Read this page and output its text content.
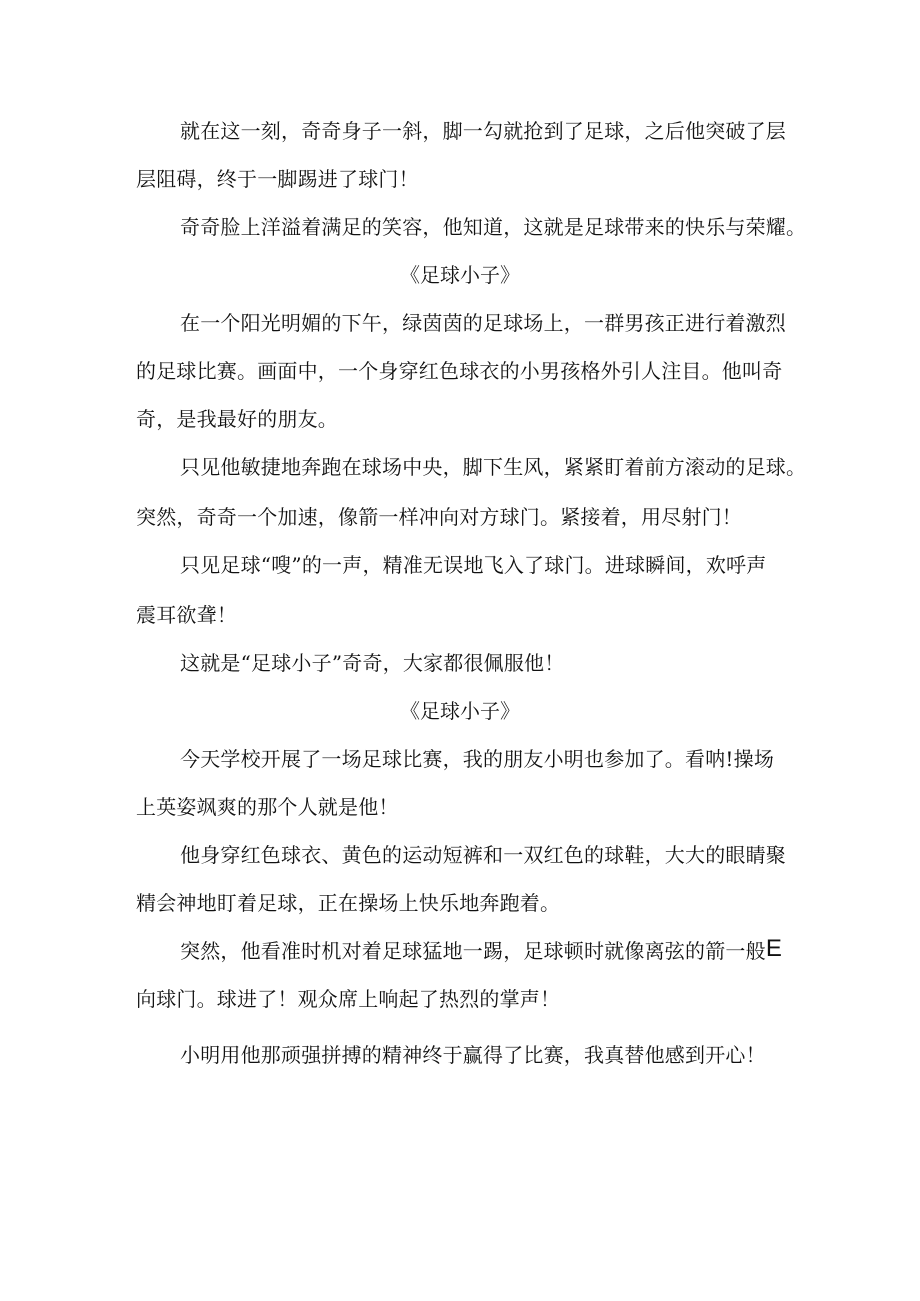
就在这一刻，奇奇身子一斜，脚一勾就抢到了足球，之后他突破了层
层阻碍，终于一脚踢进了球门！
奇奇脸上洋溢着满足的笑容，他知道，这就是足球带来的快乐与荣耀。
《足球小子》
在一个阳光明媚的下午，绿茵茵的足球场上，一群男孩正进行着激烈
的足球比赛。画面中，一个身穿红色球衣的小男孩格外引人注目。他叫奇
奇，是我最好的朋友。
只见他敏捷地奔跑在球场中央，脚下生风，紧紧盯着前方滚动的足球。
突然，奇奇一个加速，像箭一样冲向对方球门。紧接着，用尽射门！
只见足球“嗖”的一声，精准无误地飞入了球门。进球瞬间，欢呼声
震耳欲聋！
这就是“足球小子”奇奇，大家都很佩服他！
《足球小子》
今天学校开展了一场足球比赛，我的朋友小明也参加了。看呐!操场
上英姿飒爽的那个人就是他！
他身穿红色球衣、黄色的运动短裤和一双红色的球鞋，大大的眼睛聚
精会神地盯着足球，正在操场上快乐地奔跑着。
突然，他看准时机对着足球猛地一踢，足球顿时就像离弦的箭一般E
向球门。球进了！观众席上响起了热烈的掌声！
小明用他那顽强拼搏的精神终于赢得了比赛，我真替他感到开心！
